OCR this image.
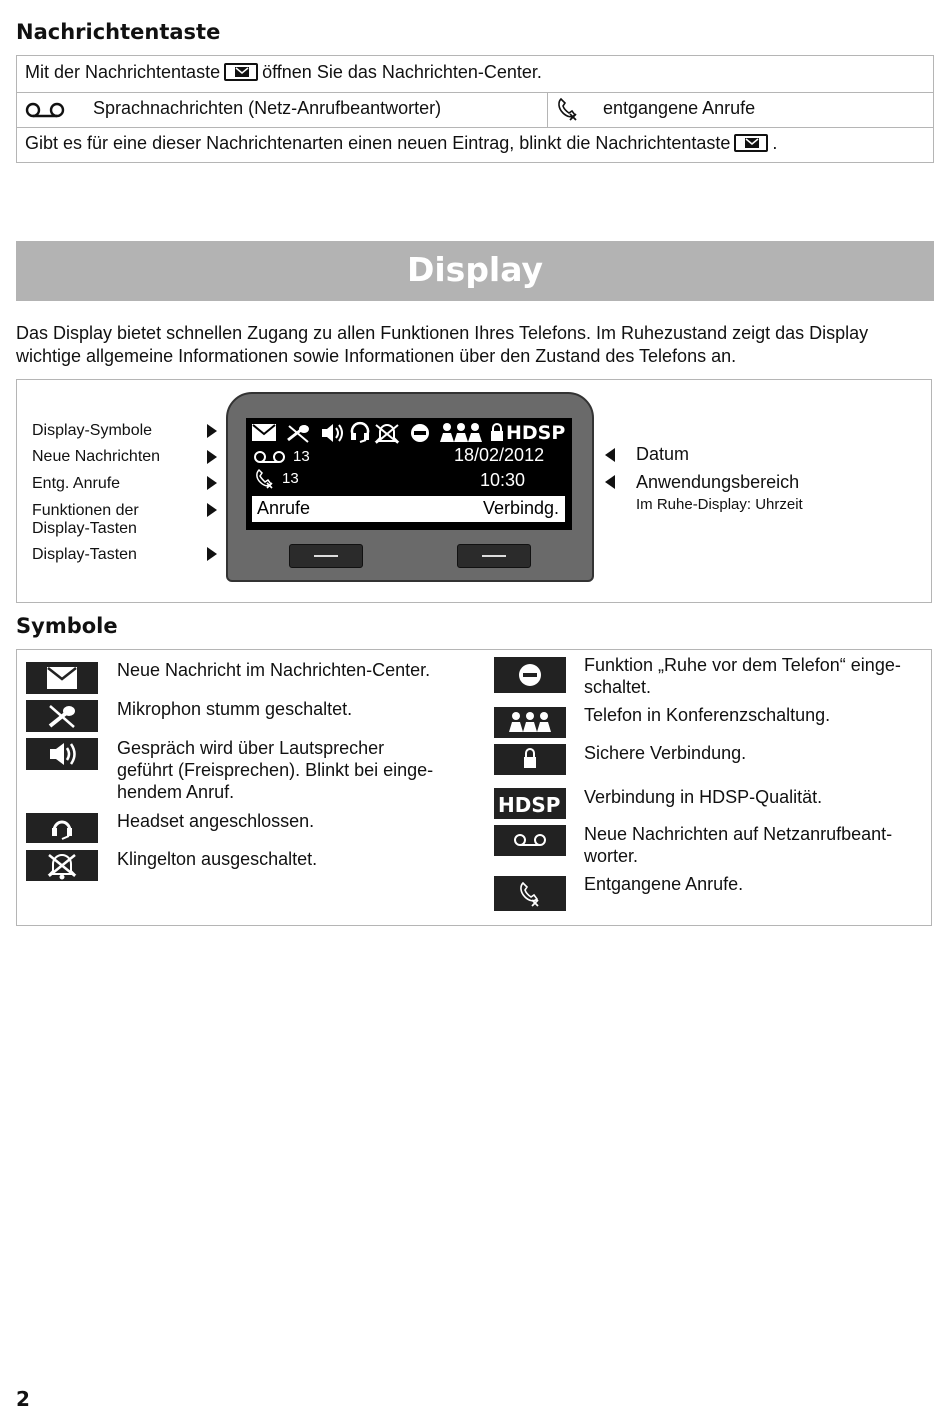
Nachrichtentaste
Mit der Nachrichtentaste öffnen Sie das Nachrichten-Center.
Sprachnachrichten (Netz-Anrufbeantworter)	entgangene Anrufe
Gibt es für eine dieser Nachrichtenarten einen neuen Eintrag, blinkt die Nachrichtentaste .
Display
Das Display bietet schnellen Zugang zu allen Funktionen Ihres Telefons. Im Ruhezustand zeigt das Display wichtige allgemeine Informationen sowie Informationen über den Zustand des Telefons an.
Display-Symbole
Neue Nachrichten
Entg. Anrufe
Funktionen der
Display-Tasten
Display-Tasten
HDSP
13
13
18/02/2012
10:30
Anrufe	Verbindg.
Datum
Anwendungsbereich
Im Ruhe-Display: Uhrzeit
Symbole
Neue Nachricht im Nachrichten-Center.
Mikrophon stumm geschaltet.
Gespräch wird über Lautsprecher
geführt (Freisprechen). Blinkt bei einge-
hendem Anruf.
Headset angeschlossen.
Klingelton ausgeschaltet.
HDSP
Funktion „Ruhe vor dem Telefon“ einge-
schaltet.
Telefon in Konferenzschaltung.
Sichere Verbindung.
Verbindung in HDSP-Qualität.
Neue Nachrichten auf Netzanrufbeant-
worter.
Entgangene Anrufe.
2
